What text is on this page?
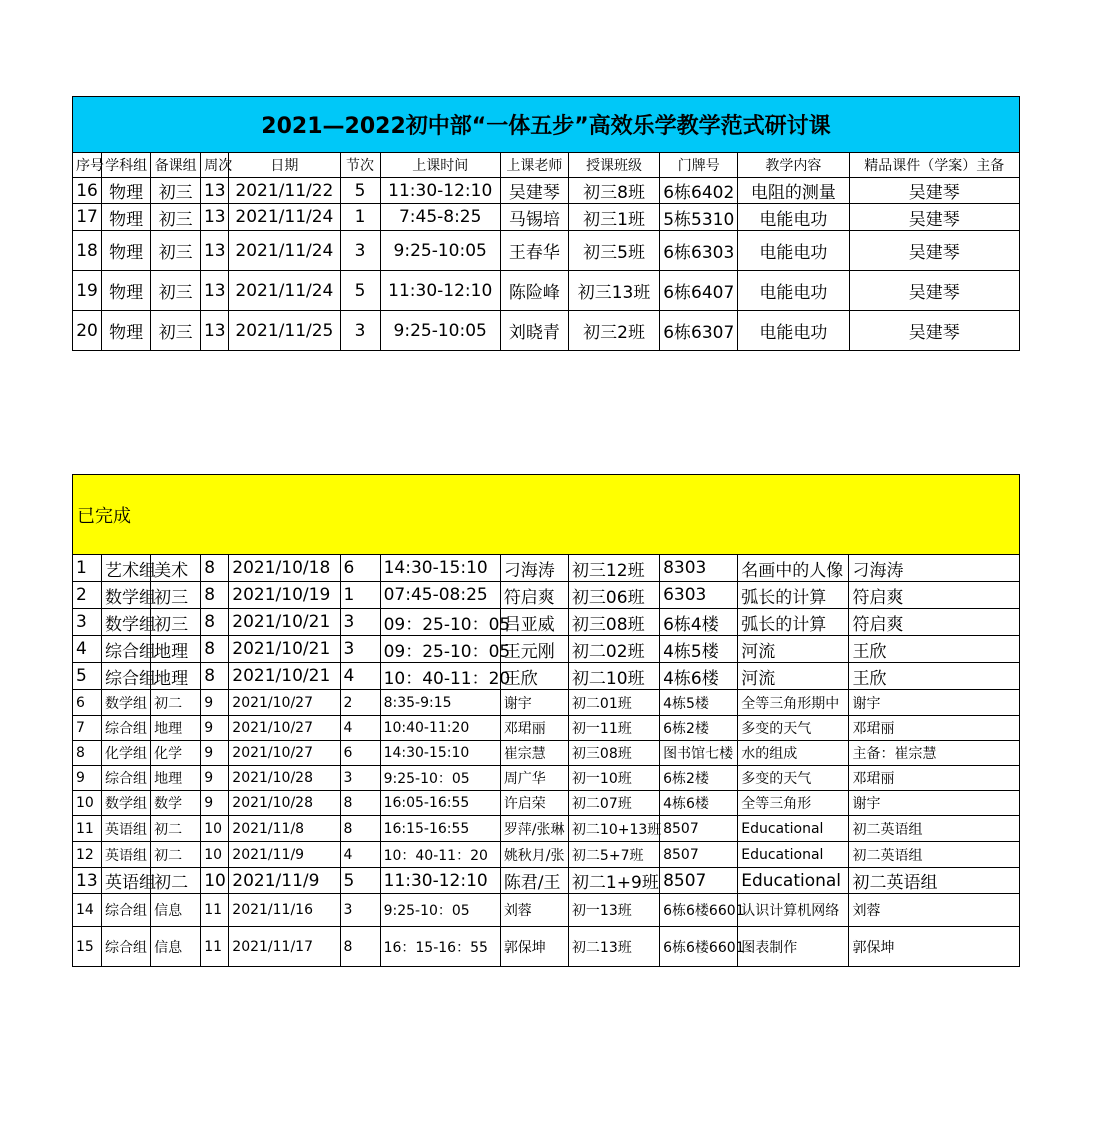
2021—2022初中部“一体五步”高效乐学教学范式研讨课											
序号	学科组	备课组	周次	日期	节次	上课时间	上课老师	授课班级	门牌号	教学内容	精品课件（学案）主备
16	物理	初三	13	2021/11/22	5	11:30-12:10	吴建琴	初三8班	6栋6402	电阻的测量	吴建琴
17	物理	初三	13	2021/11/24	1	7:45-8:25	马锡培	初三1班	5栋5310	电能电功	吴建琴
18	物理	初三	13	2021/11/24	3	9:25-10:05	王春华	初三5班	6栋6303	电能电功	吴建琴
19	物理	初三	13	2021/11/24	5	11:30-12:10	陈险峰	初三13班	6栋6407	电能电功	吴建琴
20	物理	初三	13	2021/11/25	3	9:25-10:05	刘晓青	初三2班	6栋6307	电能电功	吴建琴
已完成											
1	艺术组	美术	8	2021/10/18	6	14:30-15:10	刁海涛	初三12班	8303	名画中的人像	刁海涛
2	数学组	初三	8	2021/10/19	1	07:45-08:25	符启爽	初三06班	6303	弧长的计算	符启爽
3	数学组	初三	8	2021/10/21	3	09：25-10：05	吕亚威	初三08班	6栋4楼	弧长的计算	符启爽
4	综合组	地理	8	2021/10/21	3	09：25-10：05	王元刚	初二02班	4栋5楼	河流	王欣
5	综合组	地理	8	2021/10/21	4	10：40-11：20	王欣	初二10班	4栋6楼	河流	王欣
6	数学组	初二	9	2021/10/27	2	8:35-9:15	谢宇	初二01班	4栋5楼	全等三角形期中	谢宇
7	综合组	地理	9	2021/10/27	4	10:40-11:20	邓珺丽	初一11班	6栋2楼	多变的天气	邓珺丽
8	化学组	化学	9	2021/10/27	6	14:30-15:10	崔宗慧	初三08班	图书馆七楼	水的组成	主备：崔宗慧
9	综合组	地理	9	2021/10/28	3	9:25-10：05	周广华	初一10班	6栋2楼	多变的天气	邓珺丽
10	数学组	数学	9	2021/10/28	8	16:05-16:55	许启荣	初二07班	4栋6楼	全等三角形	谢宇
11	英语组	初二	10	2021/11/8	8	16:15-16:55	罗萍/张琳	初二10+13班	8507	Educational	初二英语组
12	英语组	初二	10	2021/11/9	4	10：40-11：20	姚秋月/张	初二5+7班	8507	Educational	初二英语组
13	英语组	初二	10	2021/11/9	5	11:30-12:10	陈君/王	初二1+9班	8507	Educational	初二英语组
14	综合组	信息	11	2021/11/16	3	9:25-10：05	刘蓉	初一13班	6栋6楼6601	认识计算机网络	刘蓉
15	综合组	信息	11	2021/11/17	8	16：15-16：55	郭保坤	初二13班	6栋6楼6601	图表制作	郭保坤
